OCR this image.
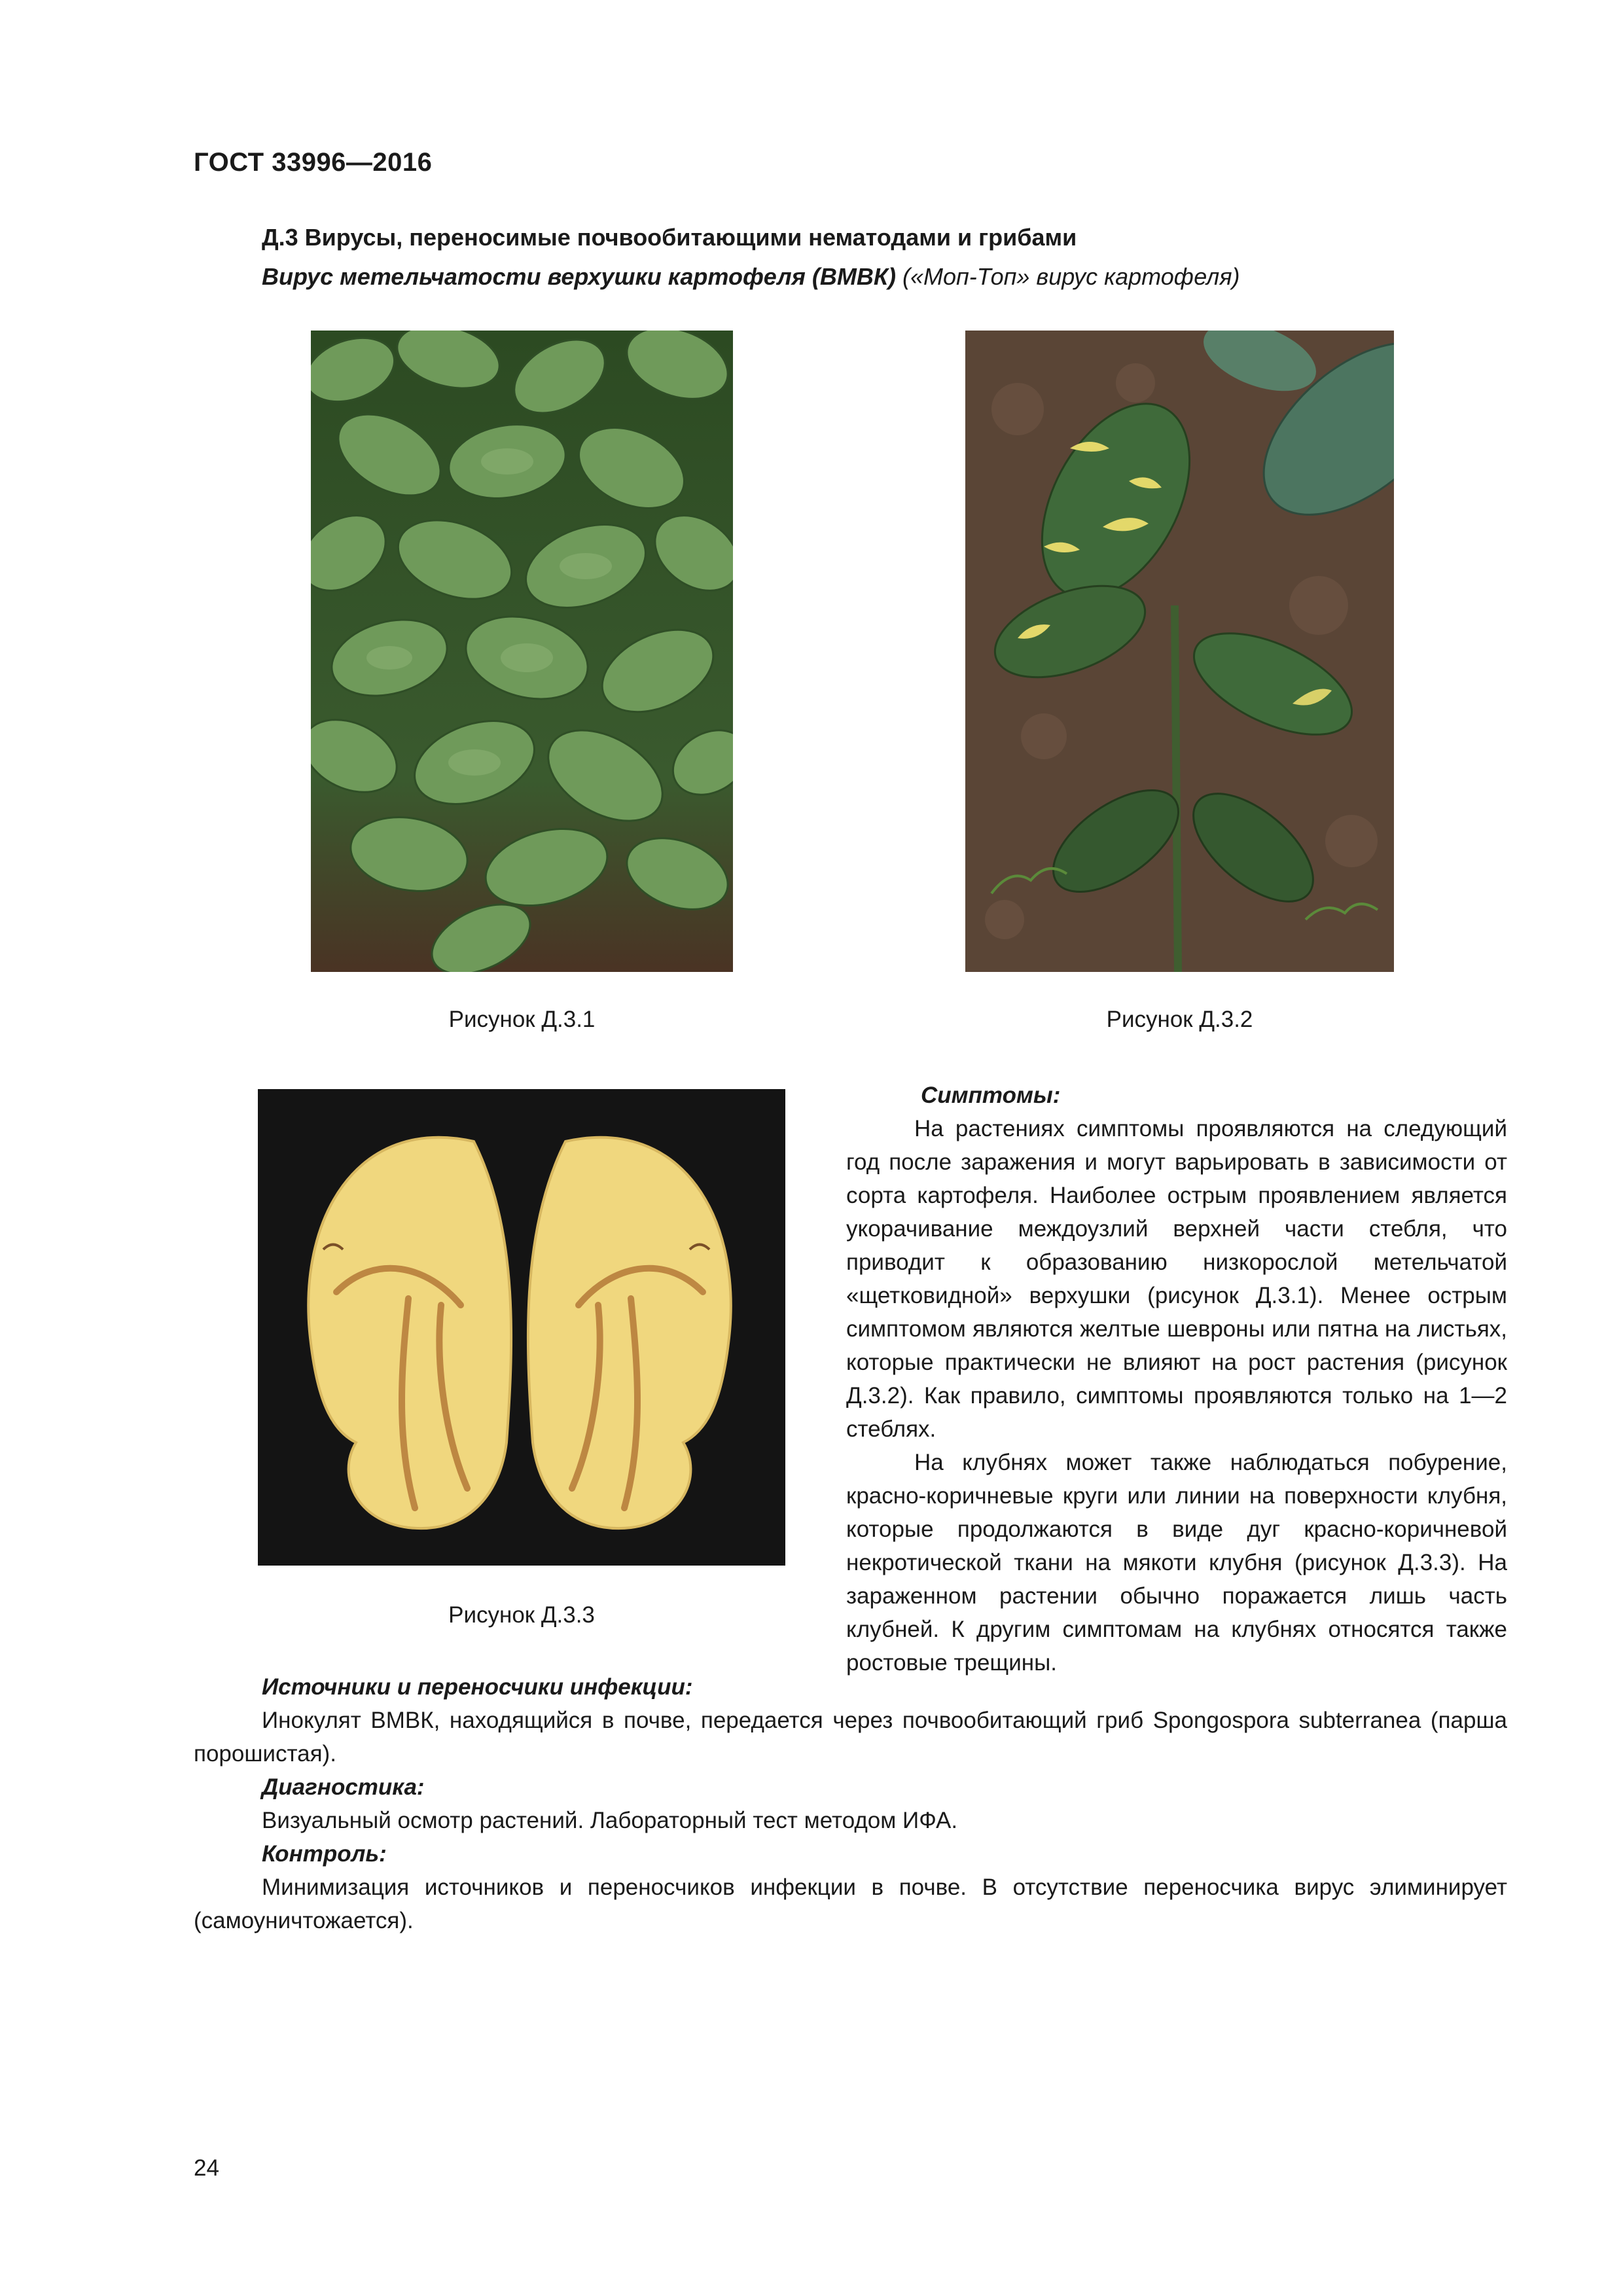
ГОСТ 33996—2016
Д.3 Вирусы, переносимые почвообитающими нематодами и грибами
Вирус метельчатости верхушки картофеля (ВМВК) («Моп-Топ» вирус картофеля)
Рисунок Д.3.1	Рисунок Д.3.2
Рисунок Д.3.3
Симптомы:

На растениях симптомы проявляются на следующий год после заражения и могут варьировать в зависимости от сорта картофеля. Наиболее острым проявлением является укорачивание междоузлий верхней части стебля, что приводит к образованию низкорослой метельчатой «щетковидной» верхушки (рисунок Д.3.1). Менее острым симптомом являются желтые шевроны или пятна на листьях, которые практически не влияют на рост растения (рисунок Д.3.2). Как правило, симптомы проявляются только на 1—2 стеблях.

На клубнях может также наблюдаться побурение, красно-коричневые круги или линии на поверхности клубня, которые продолжаются в виде дуг красно-коричневой некротической ткани на мякоти клубня (рисунок Д.3.3). На зараженном растении обычно поражается лишь часть клубней. К другим симптомам на клубнях относятся также ростовые трещины.

Источники и переносчики инфекции:

Инокулят ВМВК, находящийся в почве, передается через почвообитающий гриб Spongospora subterranea (парша порошистая).

Диагностика:

Визуальный осмотр растений. Лабораторный тест методом ИФА.

Контроль:

Минимизация источников и переносчиков инфекции в почве. В отсутствие переносчика вирус элиминирует (самоуничтожается).

24
